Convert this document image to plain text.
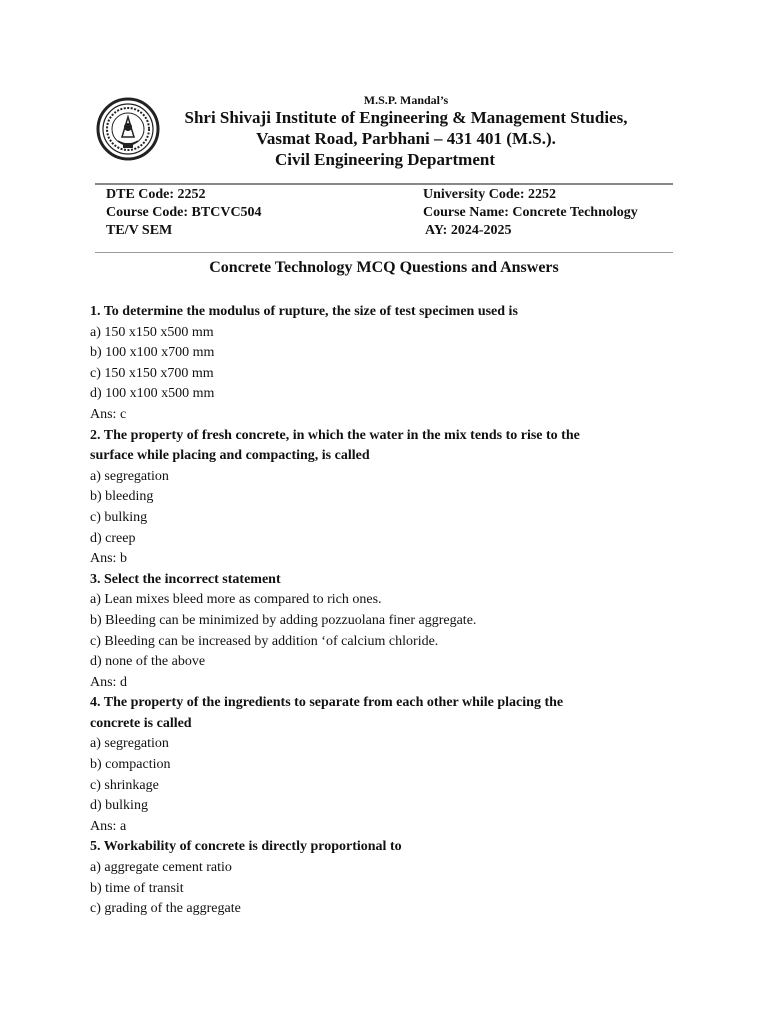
M.S.P. Mandal’s
Shri Shivaji Institute of Engineering & Management Studies,
Vasmat Road, Parbhani – 431 401 (M.S.).
Civil Engineering Department
DTE Code: 2252	University Code: 2252
Course Code: BTCVC504	Course Name: Concrete Technology
TE/V SEM	AY: 2024-2025
Concrete Technology MCQ Questions and Answers
1. To determine the modulus of rupture, the size of test specimen used is
a) 150 x150 x500 mm
b) 100 x100 x700 mm
c) 150 x150 x700 mm
d) 100 x100 x500 mm
Ans: c
2. The property of fresh concrete, in which the water in the mix tends to rise to the
surface while placing and compacting, is called
a) segregation
b) bleeding
c) bulking
d) creep
Ans: b
3. Select the incorrect statement
a) Lean mixes bleed more as compared to rich ones.
b) Bleeding can be minimized by adding pozzuolana finer aggregate.
c) Bleeding can be increased by addition ‘of calcium chloride.
d) none of the above
Ans: d
4. The property of the ingredients to separate from each other while placing the
concrete is called
a) segregation
b) compaction
c) shrinkage
d) bulking
Ans: a
5. Workability of concrete is directly proportional to
a) aggregate cement ratio
b) time of transit
c) grading of the aggregate
